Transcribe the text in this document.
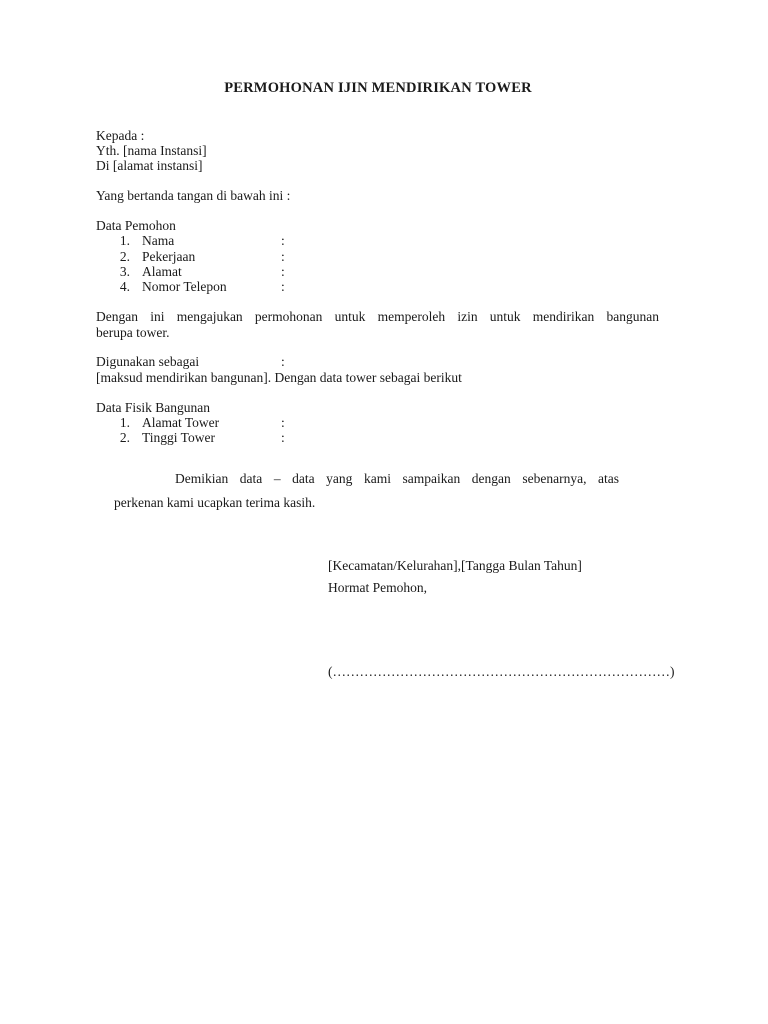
PERMOHONAN IJIN MENDIRIKAN TOWER
Kepada :
Yth. [nama Instansi]
Di [alamat instansi]
Yang bertanda tangan di bawah ini :
Data Pemohon
1. Nama	:
2. Pekerjaan	:
3. Alamat	:
4. Nomor Telepon	:
Dengan ini mengajukan permohonan untuk memperoleh izin untuk mendirikan bangunan
berupa tower.
Digunakan sebagai	:
[maksud mendirikan bangunan]. Dengan data tower sebagai berikut
Data Fisik Bangunan
1. Alamat Tower	:
2. Tinggi Tower	:
Demikian data – data yang kami sampaikan dengan sebenarnya, atas
perkenan kami ucapkan terima kasih.
[Kecamatan/Kelurahan],[Tangga Bulan Tahun]
Hormat Pemohon,
(…………………………………………………………………)
